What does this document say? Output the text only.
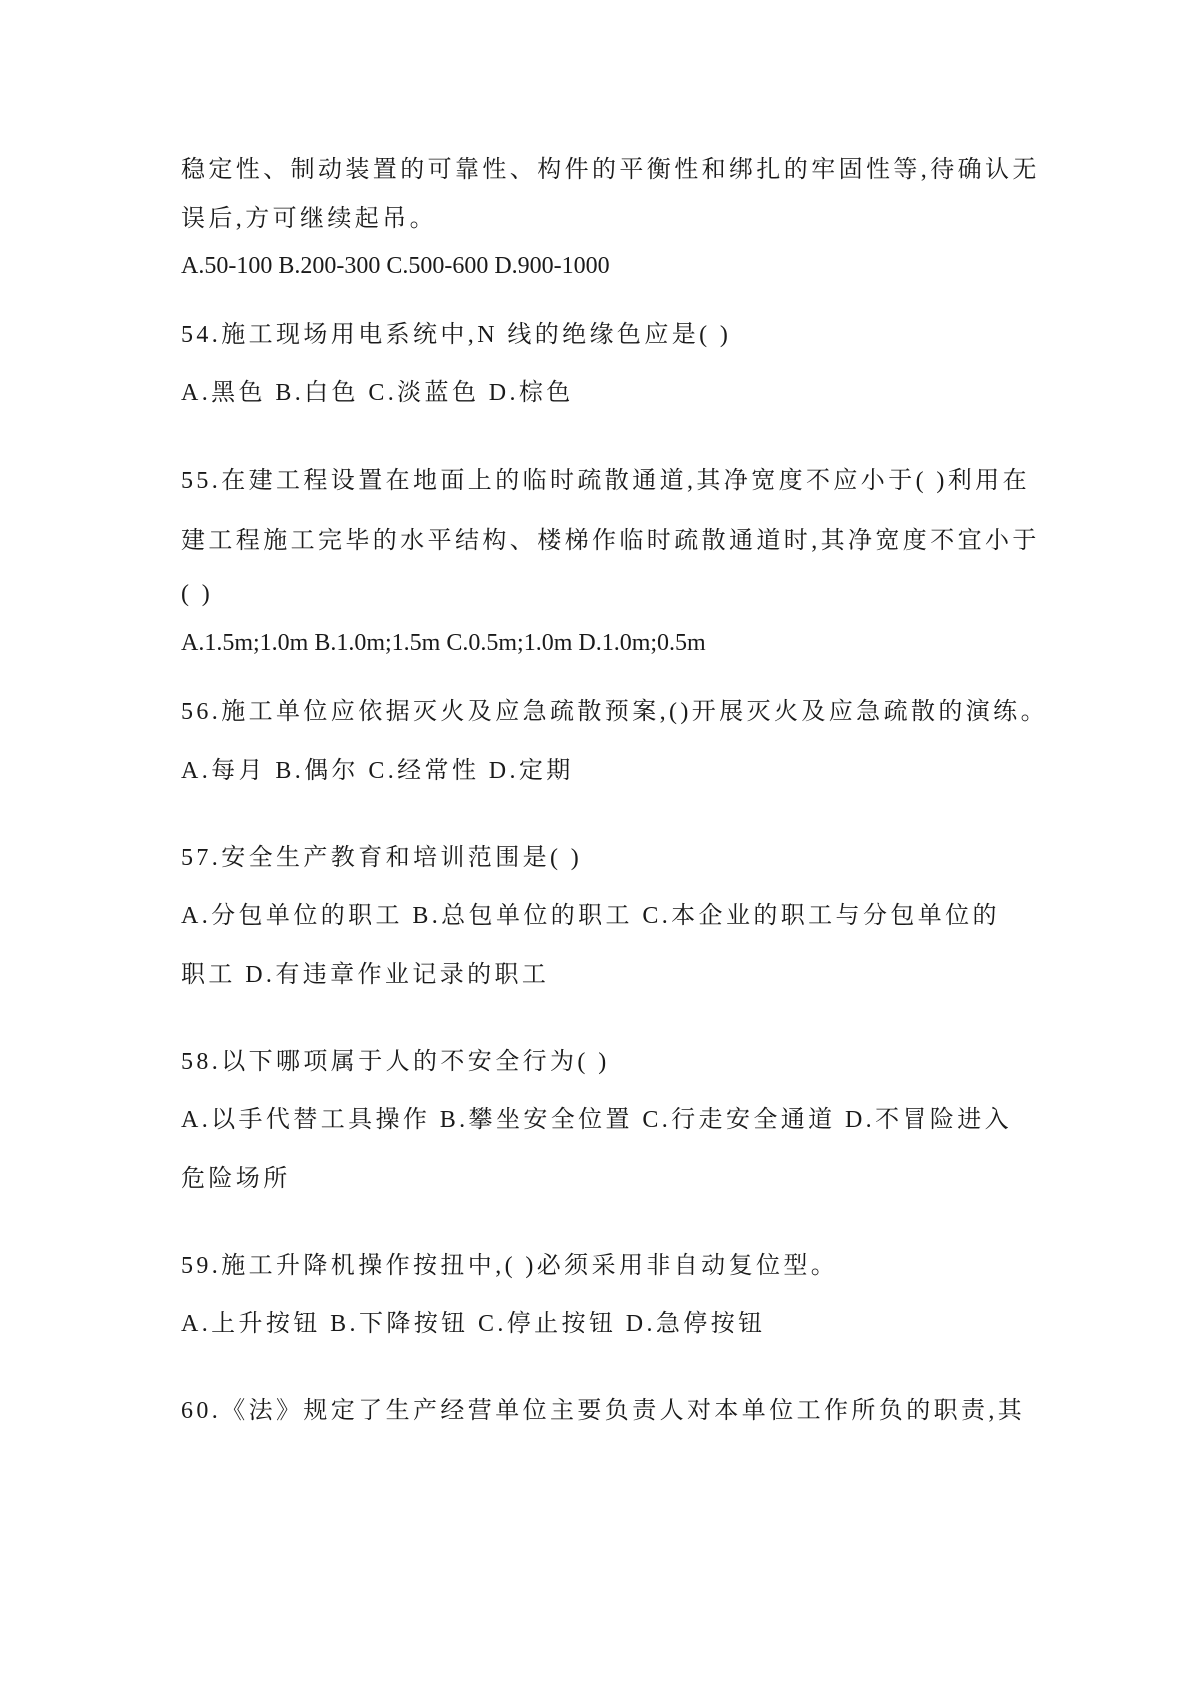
稳定性、制动装置的可靠性、构件的平衡性和绑扎的牢固性等,待确认无
误后,方可继续起吊。
A.50-100 B.200-300 C.500-600 D.900-1000
54.施工现场用电系统中,N 线的绝缘色应是( )
A.黑色 B.白色 C.淡蓝色 D.棕色
55.在建工程设置在地面上的临时疏散通道,其净宽度不应小于( )利用在
建工程施工完毕的水平结构、楼梯作临时疏散通道时,其净宽度不宜小于
( )
A.1.5m;1.0m B.1.0m;1.5m C.0.5m;1.0m D.1.0m;0.5m
56.施工单位应依据灭火及应急疏散预案,()开展灭火及应急疏散的演练。
A.每月 B.偶尔 C.经常性 D.定期
57.安全生产教育和培训范围是( )
A.分包单位的职工 B.总包单位的职工 C.本企业的职工与分包单位的
职工 D.有违章作业记录的职工
58.以下哪项属于人的不安全行为( )
A.以手代替工具操作 B.攀坐安全位置 C.行走安全通道 D.不冒险进入
危险场所
59.施工升降机操作按扭中,( )必须采用非自动复位型。
A.上升按钮 B.下降按钮 C.停止按钮 D.急停按钮
60.《法》规定了生产经营单位主要负责人对本单位工作所负的职责,其
